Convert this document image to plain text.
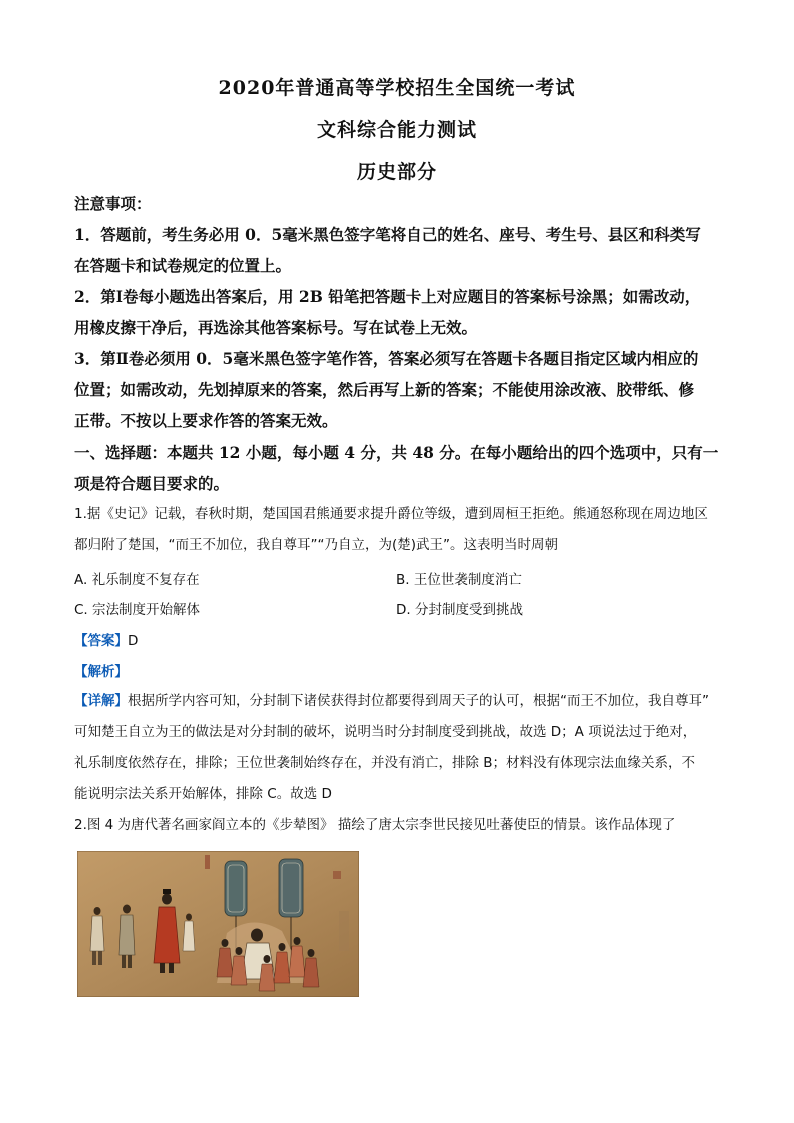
2020年普通高等学校招生全国统一考试
文科综合能力测试
历史部分
注意事项：
1．答题前，考生务必用 0．5毫米黑色签字笔将自己的姓名、座号、考生号、县区和科类写
在答题卡和试卷规定的位置上。
2．第Ⅰ卷每小题选出答案后，用 2B 铅笔把答题卡上对应题目的答案标号涂黑；如需改动，
用橡皮擦干净后，再选涂其他答案标号。写在试卷上无效。
3．第Ⅱ卷必须用 0．5毫米黑色签字笔作答，答案必须写在答题卡各题目指定区域内相应的
位置；如需改动，先划掉原来的答案，然后再写上新的答案；不能使用涂改液、胶带纸、修
正带。不按以上要求作答的答案无效。
一、选择题：本题共 12 小题，每小题 4 分，共 48 分。在每小题给出的四个选项中，只有一
项是符合题目要求的。
1.据《史记》记载，春秋时期，楚国国君熊通要求提升爵位等级，遭到周桓王拒绝。熊通怒称现在周边地区
都归附了楚国，“而王不加位，我自尊耳”“乃自立，为(楚)武王”。这表明当时周朝
A. 礼乐制度不复存在	B. 王位世袭制度消亡
C. 宗法制度开始解体	D. 分封制度受到挑战
【答案】D
【解析】
【详解】根据所学内容可知，分封制下诸侯获得封位都要得到周天子的认可，根据“而王不加位，我自尊耳”
可知楚王自立为王的做法是对分封制的破坏，说明当时分封制度受到挑战，故选 D；A 项说法过于绝对，
礼乐制度依然存在，排除；王位世袭制始终存在，并没有消亡，排除 B；材料没有体现宗法血缘关系，不
能说明宗法关系开始解体，排除 C。故选 D
2.图 4 为唐代著名画家阎立本的《步辇图》 描绘了唐太宗李世民接见吐蕃使臣的情景。该作品体现了
